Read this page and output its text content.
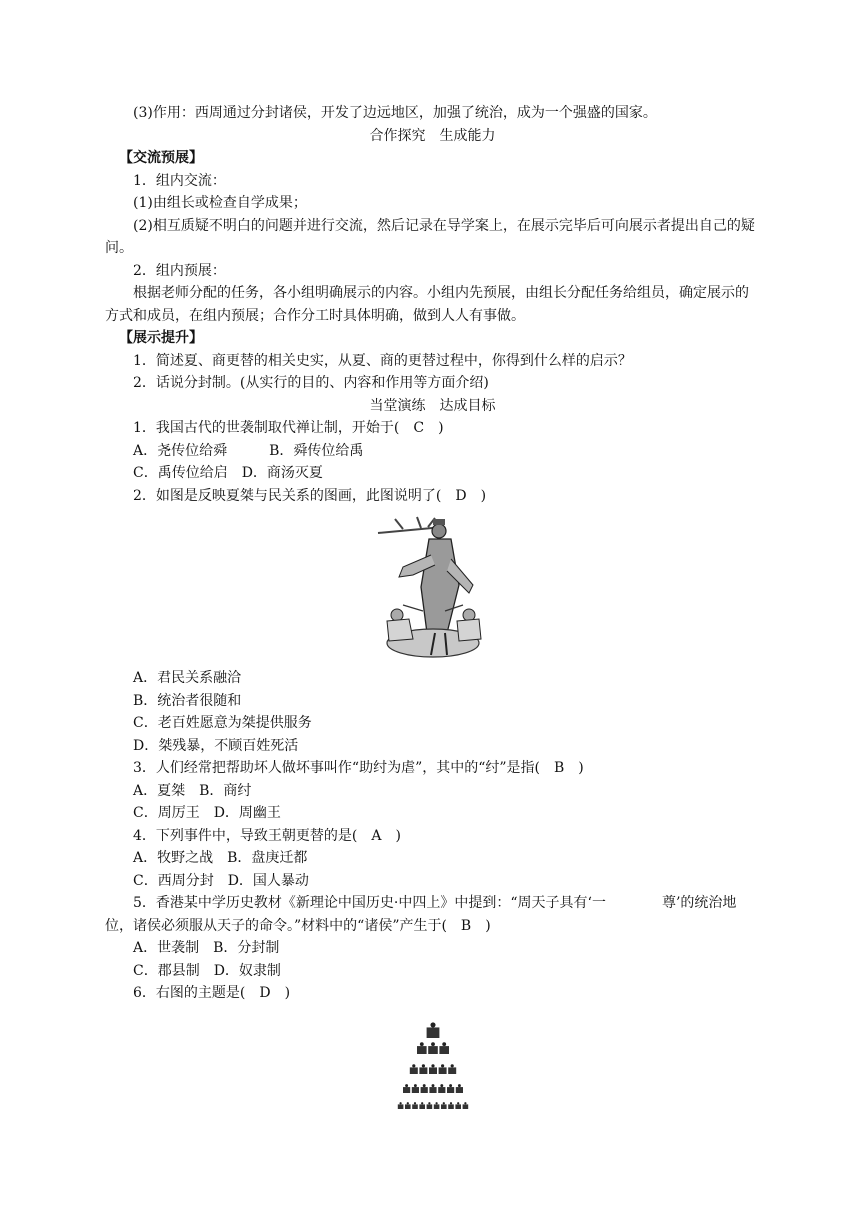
(3)作用：西周通过分封诸侯，开发了边远地区，加强了统治，成为一个强盛的国家。

合作探究　生成能力

【交流预展】

1．组内交流：

(1)由组长或检查自学成果；

(2)相互质疑不明白的问题并进行交流，然后记录在导学案上，在展示完毕后可向展示者提出自己的疑问。

2．组内预展：

根据老师分配的任务，各小组明确展示的内容。小组内先预展，由组长分配任务给组员，确定展示的方式和成员，在组内预展；合作分工时具体明确，做到人人有事做。

【展示提升】

1．简述夏、商更替的相关史实，从夏、商的更替过程中，你得到什么样的启示？

2．话说分封制。(从实行的目的、内容和作用等方面介绍)

当堂演练　达成目标

1．我国古代的世袭制取代禅让制，开始于(　C　)

A．尧传位给舜　　　B．舜传位给禹

C．禹传位给启　D．商汤灭夏

2．如图是反映夏桀与民关系的图画，此图说明了(　D　)

A．君民关系融洽

B．统治者很随和

C．老百姓愿意为桀提供服务

D．桀残暴，不顾百姓死活

3．人们经常把帮助坏人做坏事叫作“助纣为虐”，其中的“纣”是指(　B　)

A．夏桀　B．商纣

C．周厉王　D．周幽王

4．下列事件中，导致王朝更替的是(　A　)

A．牧野之战　B．盘庚迁都

C．西周分封　D．国人暴动

5．香港某中学历史教材《新理论中国历史·中四上》中提到：“周天子具有‘一　　　　尊’的统治地位，诸侯必须服从天子的命令。”材料中的“诸侯”产生于(　B　)

A．世袭制　B．分封制

C．郡县制　D．奴隶制

6．右图的主题是(　D　)
